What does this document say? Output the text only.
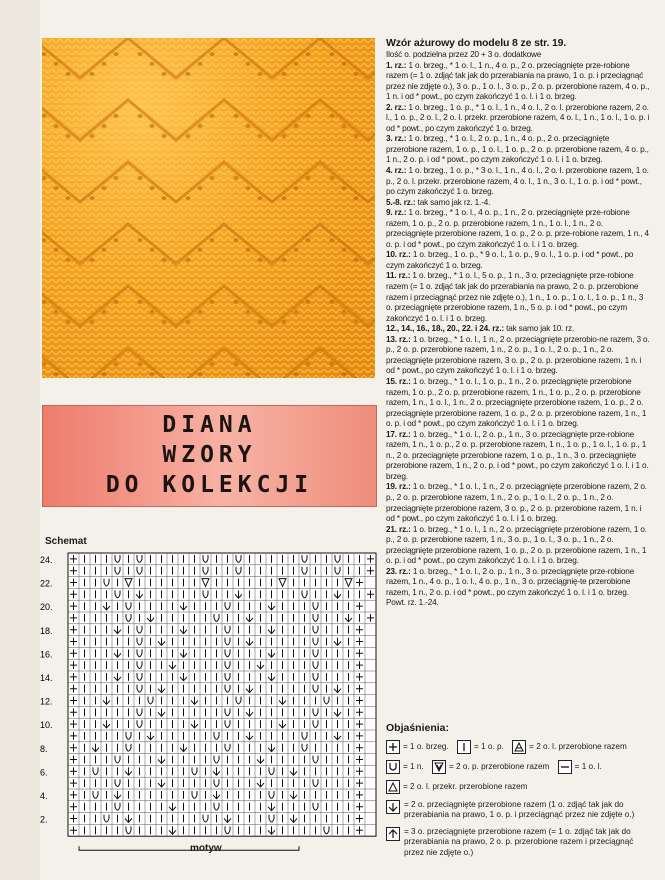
DIANA
WZORY
DO KOLEKCJI
Schemat
24.
22.
20.
18.
16.
14.
12.
10.
8.
6.
4.
2.
motyw
Wzór ażurowy do modelu 8 ze str. 19.

Ilość o. podzielna przez 20 + 3 o. dodatkowe

1. rz.: 1 o. brzeg., * 1 o. l., 1 n., 4 o. p., 2 o. przeciągnięte prze-robione razem (= 1 o. zdjąć tak jak do przerabiania na prawo, 1 o. p. i przeciągnąć przez nie zdjęte o.), 3 o. p., 1 o. l., 3 o. p., 2 o. p. przerobione razem, 4 o. p., 1 n. i od * powt., po czym zakończyć 1 o. l. i 1 o. brzeg.

2. rz.: 1 o. brzeg., 1 o. p., * 1 o. l., 1 n., 4 o. l., 2 o. l. przerobione razem, 2 o. l., 1 o. p., 2 o. l., 2 o. l. przekr. przerobione razem, 4 o. l., 1 n., 1 o. l., 1 o. p. i od * powt., po czym zakończyć 1 o. brzeg.

3. rz.: 1 o. brzeg., * 1 o. l., 2 o. p., 1 n., 4 o. p., 2 o. przeciągnięte przerobione razem, 1 o. p., 1 o. l., 1 o. p., 2 o. p. przerobione razem, 4 o. p., 1 n., 2 o. p. i od * powt., po czym zakończyć 1 o. l. i 1 o. brzeg.

4. rz.: 1 o. brzeg., 1 o. p., * 3 o. l., 1 n., 4 o. l., 2 o. l. przerobione razem, 1 o. p., 2 o. l. przekr. przerobione razem, 4 o. l., 1 n., 3 o. l., 1 o. p. i od * powt., po czym zakończyć 1 o. brzeg.

5.-8. rz.: tak samo jak rz. 1.-4.

9. rz.: 1 o. brzeg., * 1 o. l., 4 o. p., 1 n., 2 o. przeciągnięte prze-robione razem, 1 o. p., 2 o. p. przerobione razem, 1 n., 1 o. l., 1 n., 2 o. przeciągnięte przerobione razem, 1 o. p., 2 o. p. prze-robione razem, 1 n., 4 o. p. i od * powt., po czym zakończyć 1 o. l. i 1 o. brzeg.

10. rz.: 1 o. brzeg., 1 o. p., * 9 o. l., 1 o. p., 9 o. l., 1 o. p. i od * powt., po czym zakończyć 1 o. brzeg.

11. rz.: 1 o. brzeg., * 1 o. l., 5 o. p., 1 n., 3 o. przeciągnięte prze-robione razem (= 1 o. zdjąć tak jak do przerabiania na prawo, 2 o. p. przerobione razem i przeciągnąć przez nie zdjęte o.), 1 n., 1 o. p., 1 o. l., 1 o. p., 1 n., 3 o. przeciągnięte przerobione razem, 1 n., 5 o. p. i od * powt., po czym zakończyć 1 o. l. i 1 o. brzeg.

12., 14., 16., 18., 20., 22. i 24. rz.: tak samo jak 10. rz.

13. rz.: 1 o. brzeg., * 1 o. l., 1 n., 2 o. przeciągnięte przerobio-ne razem, 3 o. p., 2 o. p. przerobione razem, 1 n., 2 o. p., 1 o. l., 2 o. p., 1 n., 2 o. przeciągnięte przerobione razem, 3 o. p., 2 o. p. przerobione razem, 1 n. i od * powt., po czym zakończyć 1 o. l. i 1 o. brzeg.

15. rz.: 1 o. brzeg., * 1 o. l., 1 o. p., 1 n., 2 o. przeciągnięte przerobione razem, 1 o. p., 2 o. p. przerobione razem, 1 n., 1 o. p., 2 o. p. przerobione razem, 1 n., 1 o. l., 1 n., 2 o. przeciągnięte przerobione razem, 1 o. p., 2 o. przeciągnięte przerobione razem, 1 o. p., 2 o. p. przerobione razem, 1 n., 1 o. p. i od * powt., po czym zakończyć 1 o. l. i 1 o. brzeg.

17. rz.: 1 o. brzeg., * 1 o. l., 2 o. p., 1 n., 3 o. przeciągnięte prze-robione razem, 1 n., 1 o. p., 2 o. p. przerobione razem, 1 n., 1 o. p., 1 o. l., 1 o. p., 1 n., 2 o. przeciągnięte przerobione razem, 1 o. p., 1 n., 3 o. przeciągnięte przerobione razem, 1 n., 2 o. p. i od * powt., po czym zakończyć 1 o. l. i 1 o. brzeg.

19. rz.: 1 o. brzeg., * 1 o. l., 1 n., 2 o. przeciągnięte przerobione razem, 2 o. p., 2 o. p. przerobione razem, 1 n., 2 o. p., 1 o. l., 2 o. p., 1 n., 2 o. przeciągnięte przerobione razem, 3 o. p., 2 o. p. przerobione razem, 1 n. i od * powt., po czym zakończyć 1 o. l. i 1 o. brzeg.

21. rz.: 1 o. brzeg., * 1 o. l., 1 n., 2 o. przeciągnięte przerobione razem, 1 o. p., 2 o. p. przerobione razem, 1 n., 3 o. p., 1 o. l., 3 o. p., 1 n., 2 o. przeciągnięte przerobione razem, 1 o. p., 2 o. p. przerobione razem, 1 n., 1 o. p. i od * powt., po czym zakończyć 1 o. l. i 1 o. brzeg.

23. rz.: 1 o. brzeg., * 1 o. l., 2 o. p., 1 n., 3 o. przeciągnięte prze-robione razem, 1 n., 4 o. p., 1 o. l., 4 o. p., 1 n., 3 o. przeciągnię-te przerobione razem, 1 n., 2 o. p. i od * powt., po czym zakończyć 1 o. l. i 1 o. brzeg. Powt. rz. 1.-24.

Objaśnienia:
= 1 o. brzeg.	= 1 o. p.	= 2 o. l. przerobione razem
= 1 n.	= 2 o. p. przerobione razem	= 1 o. l.
= 2 o. l. przekr. przerobione razem
= 2 o. przeciągnięte przerobione razem (1 o. zdjąć tak jak do przerabiania na prawo, 1 o. p. i przeciągnąć przez nie zdjęte o.)
= 3 o. przeciągnięte przerobione razem (= 1 o. zdjąć tak jak do przerabiania na prawo, 2 o. p. przerobione razem i przeciągnąć przez nie zdjęte o.)
